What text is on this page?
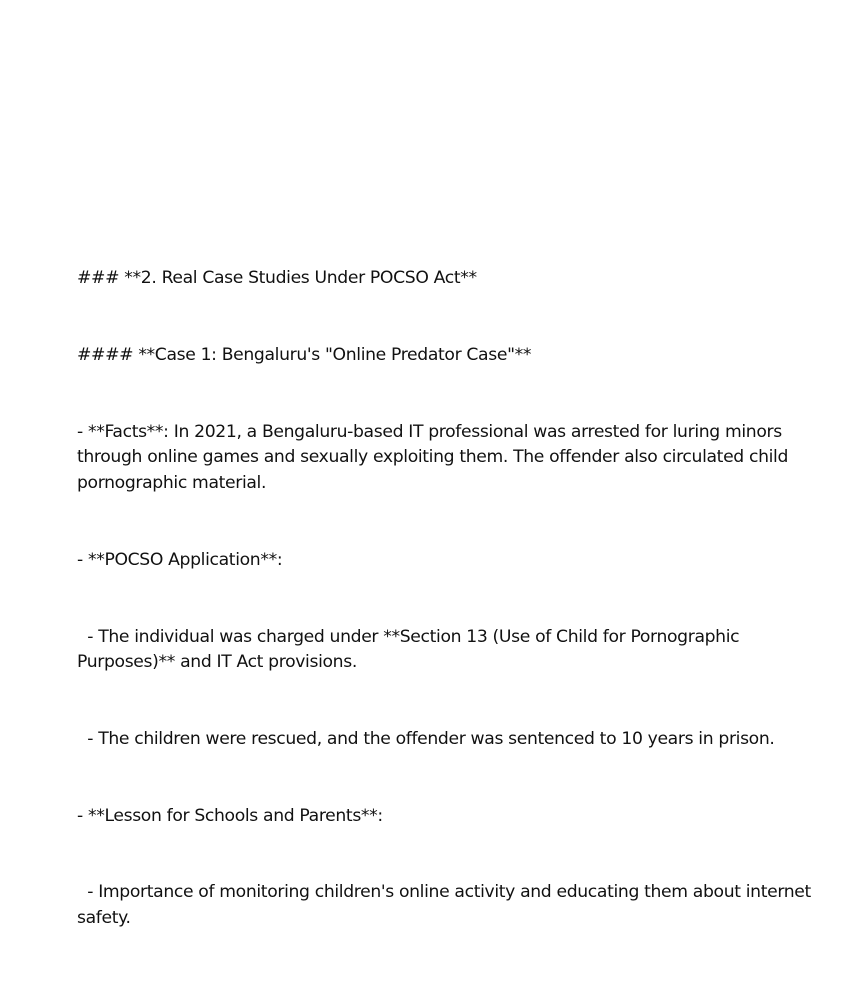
### **2. Real Case Studies Under POCSO Act**

#### **Case 1: Bengaluru's "Online Predator Case"**

- **Facts**: In 2021, a Bengaluru-based IT professional was arrested for luring minors through online games and sexually exploiting them. The offender also circulated child pornographic material.

- **POCSO Application**:

- The individual was charged under **Section 13 (Use of Child for Pornographic Purposes)** and IT Act provisions.

- The children were rescued, and the offender was sentenced to 10 years in prison.

- **Lesson for Schools and Parents**:

- Importance of monitoring children's online activity and educating them about internet safety.
